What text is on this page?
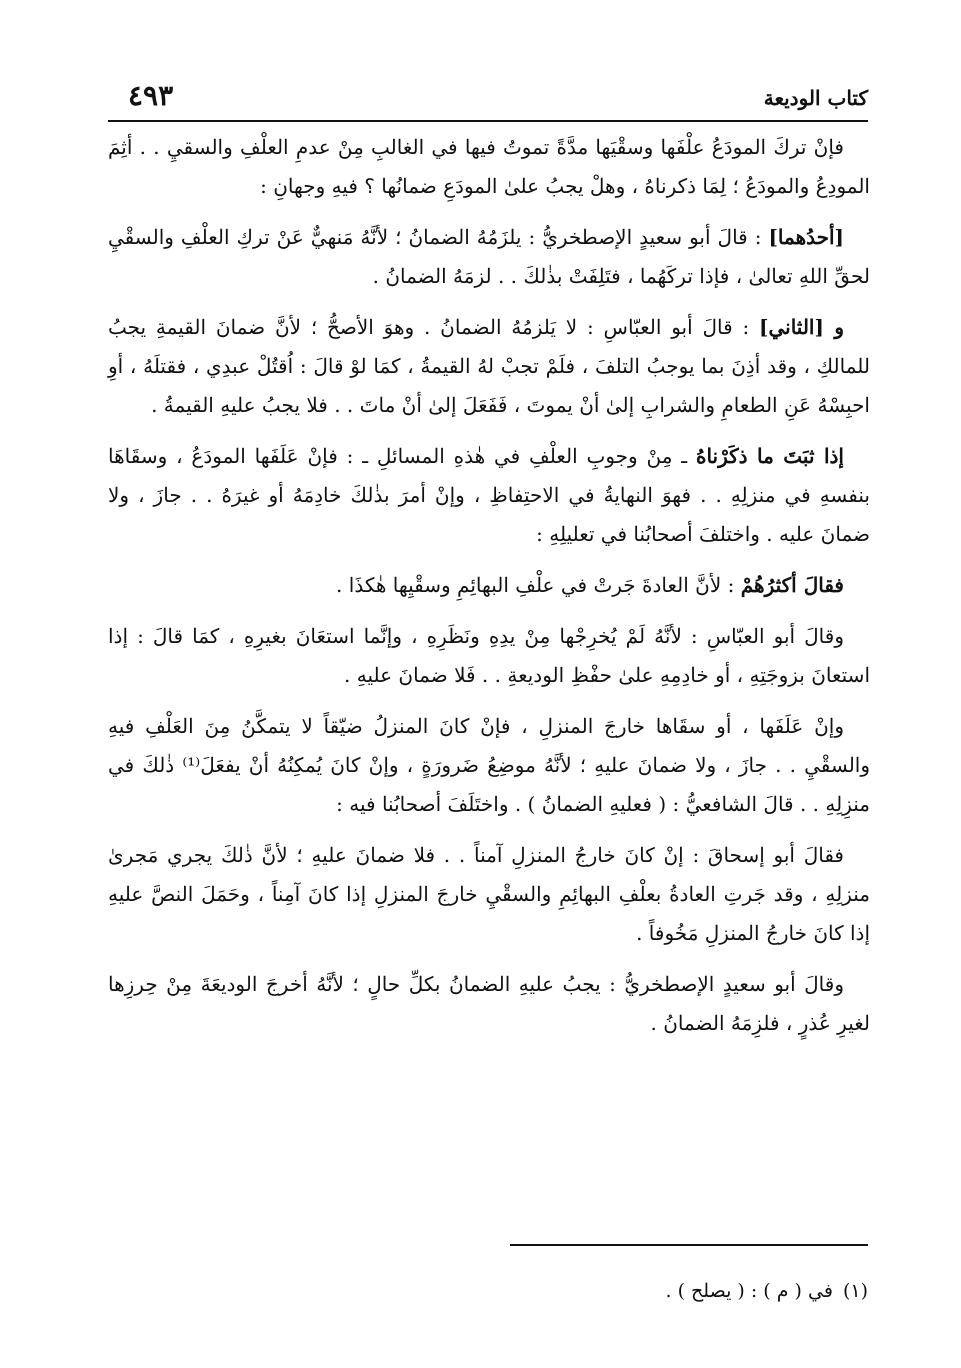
٤٩٣	كتاب الوديعة

فإنْ تركَ المودَعُ علْفَها وسقْيَها مدَّةً تموتُ فيها في الغالبِ مِنْ عدمِ العلْفِ والسقيِ . . أثِمَ المودِعُ والمودَعُ ؛ لِمَا ذكرناهُ ، وهلْ يجبُ علىٰ المودَعِ ضمانُها ؟ فيهِ وجهانِ :

[أحدُهما] : قالَ أبو سعيدٍ الإصطخريُّ : يلزَمُهُ الضمانُ ؛ لأنَّهُ مَنهيٌّ عَنْ تركِ العلْفِ والسقْيِ لحقِّ اللهِ تعالىٰ ، فإذا تركَهُما ، فتَلِفَتْ بذٰلكَ . . لزمَهُ الضمانُ .

و [الثاني] : قالَ أبو العبّاسِ : لا يَلزمُهُ الضمانُ . وهوَ الأصحُّ ؛ لأنَّ ضمانَ القيمةِ يجبُ للمالكِ ، وقد أذِنَ بما يوجبُ التلفَ ، فلَمْ تجبْ لهُ القيمةُ ، كمَا لوْ قالَ : اُقتُلْ عبدِي ، فقتلَهُ ، أوِ احبِسْهُ عَنِ الطعامِ والشرابِ إلىٰ أنْ يموتَ ، فَفَعَلَ إلىٰ أنْ ماتَ . . فلا يجبُ عليهِ القيمةُ .

إذا ثبَتَ ما ذكَرْناهُ ـ مِنْ وجوبِ العلْفِ في هٰذهِ المسائلِ ـ : فإنْ عَلَفَها المودَعُ ، وسقَاهَا بنفسهِ في منزلِهِ . . فهوَ النهايةُ في الاحتِفاظِ ، وإنْ أمرَ بذٰلكَ خادِمَهُ أو غيرَهُ . . جازَ ، ولا ضمانَ عليه . واختلفَ أصحابُنا في تعليلِهِ :

فقالَ أكثرُهُمْ : لأنَّ العادةَ جَرتْ في علْفِ البهائِمِ وسقْيِها هٰكذَا .

وقالَ أبو العبّاسِ : لأنَّهُ لَمْ يُخرِجْها مِنْ يدِهِ ونَظَرِهِ ، وإنَّما استعَانَ بغيرِهِ ، كمَا قالَ : إذا استعانَ بزوجَتِهِ ، أو خادِمِهِ علىٰ حفْظِ الوديعةِ . . فَلا ضمانَ عليهِ .

وإنْ عَلَفَها ، أو سقَاها خارجَ المنزلِ ، فإنْ كانَ المنزلُ ضيّقاً لا يتمكَّنُ مِنَ العَلْفِ فيهِ والسقْيِ . . جازَ ، ولا ضمانَ عليهِ ؛ لأنَّهُ موضِعُ ضَرورَةٍ ، وإنْ كانَ يُمكِنُهُ أنْ يفعَلَ⁽¹⁾ ذٰلكَ في منزِلِهِ . . قالَ الشافعيُّ : ( فعليهِ الضمانُ ) . واختَلَفَ أصحابُنا فيه :

فقالَ أبو إسحاقَ : إنْ كانَ خارجُ المنزلِ آمناً . . فلا ضمانَ عليهِ ؛ لأنَّ ذٰلكَ يجري مَجرىٰ منزلِهِ ، وقد جَرتِ العادةُ بعلْفِ البهائِمِ والسقْيِ خارجَ المنزلِ إذا كانَ آمِناً ، وحَمَلَ النصَّ عليهِ إذا كانَ خارجُ المنزلِ مَخُوفاً .

وقالَ أبو سعيدٍ الإصطخريُّ : يجبُ عليهِ الضمانُ بكلِّ حالٍ ؛ لأنَّهُ أخرجَ الوديعَةَ مِنْ حِرزِها لغيرِ عُذرٍ ، فلزِمَهُ الضمانُ .

(١)في ( م ) : ( يصلح ) .
